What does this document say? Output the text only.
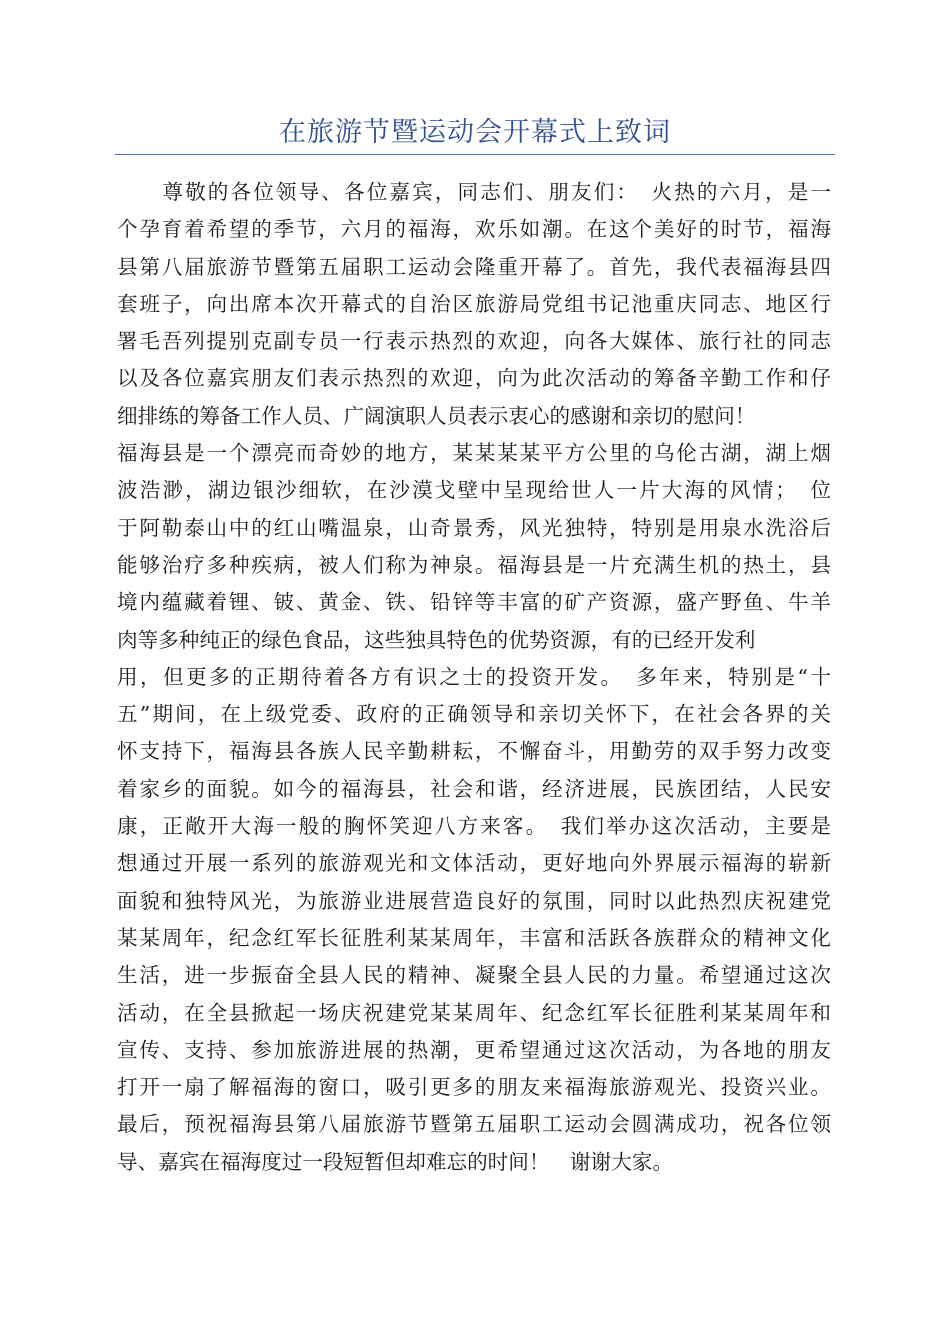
在旅游节暨运动会开幕式上致词
　　尊敬的各位领导、各位嘉宾，同志们、朋友们：　火热的六月，是一
个孕育着希望的季节，六月的福海，欢乐如潮。在这个美好的时节，福海
县第八届旅游节暨第五届职工运动会隆重开幕了。首先，我代表福海县四
套班子，向出席本次开幕式的自治区旅游局党组书记池重庆同志、地区行
署毛吾列提别克副专员一行表示热烈的欢迎，向各大媒体、旅行社的同志
以及各位嘉宾朋友们表示热烈的欢迎，向为此次活动的筹备辛勤工作和仔
细排练的筹备工作人员、广阔演职人员表示衷心的感谢和亲切的慰问！
福海县是一个漂亮而奇妙的地方，某某某某平方公里的乌伦古湖，湖上烟
波浩渺，湖边银沙细软，在沙漠戈壁中呈现给世人一片大海的风情；　位
于阿勒泰山中的红山嘴温泉，山奇景秀，风光独特，特别是用泉水洗浴后
能够治疗多种疾病，被人们称为神泉。福海县是一片充满生机的热土，县
境内蕴藏着锂、铍、黄金、铁、铅锌等丰富的矿产资源，盛产野鱼、牛羊
肉等多种纯正的绿色食品，这些独具特色的优势资源，有的已经开发利
用，但更多的正期待着各方有识之士的投资开发。　多年来，特别是“十
五”期间，在上级党委、政府的正确领导和亲切关怀下，在社会各界的关
怀支持下，福海县各族人民辛勤耕耘，不懈奋斗，用勤劳的双手努力改变
着家乡的面貌。如今的福海县，社会和谐，经济进展，民族团结，人民安
康，正敞开大海一般的胸怀笑迎八方来客。　我们举办这次活动，主要是
想通过开展一系列的旅游观光和文体活动，更好地向外界展示福海的崭新
面貌和独特风光，为旅游业进展营造良好的氛围，同时以此热烈庆祝建党
某某周年，纪念红军长征胜利某某周年，丰富和活跃各族群众的精神文化
生活，进一步振奋全县人民的精神、凝聚全县人民的力量。希望通过这次
活动，在全县掀起一场庆祝建党某某周年、纪念红军长征胜利某某周年和
宣传、支持、参加旅游进展的热潮，更希望通过这次活动，为各地的朋友
打开一扇了解福海的窗口，吸引更多的朋友来福海旅游观光、投资兴业。
最后，预祝福海县第八届旅游节暨第五届职工运动会圆满成功，祝各位领
导、嘉宾在福海度过一段短暂但却难忘的时间！　谢谢大家。
